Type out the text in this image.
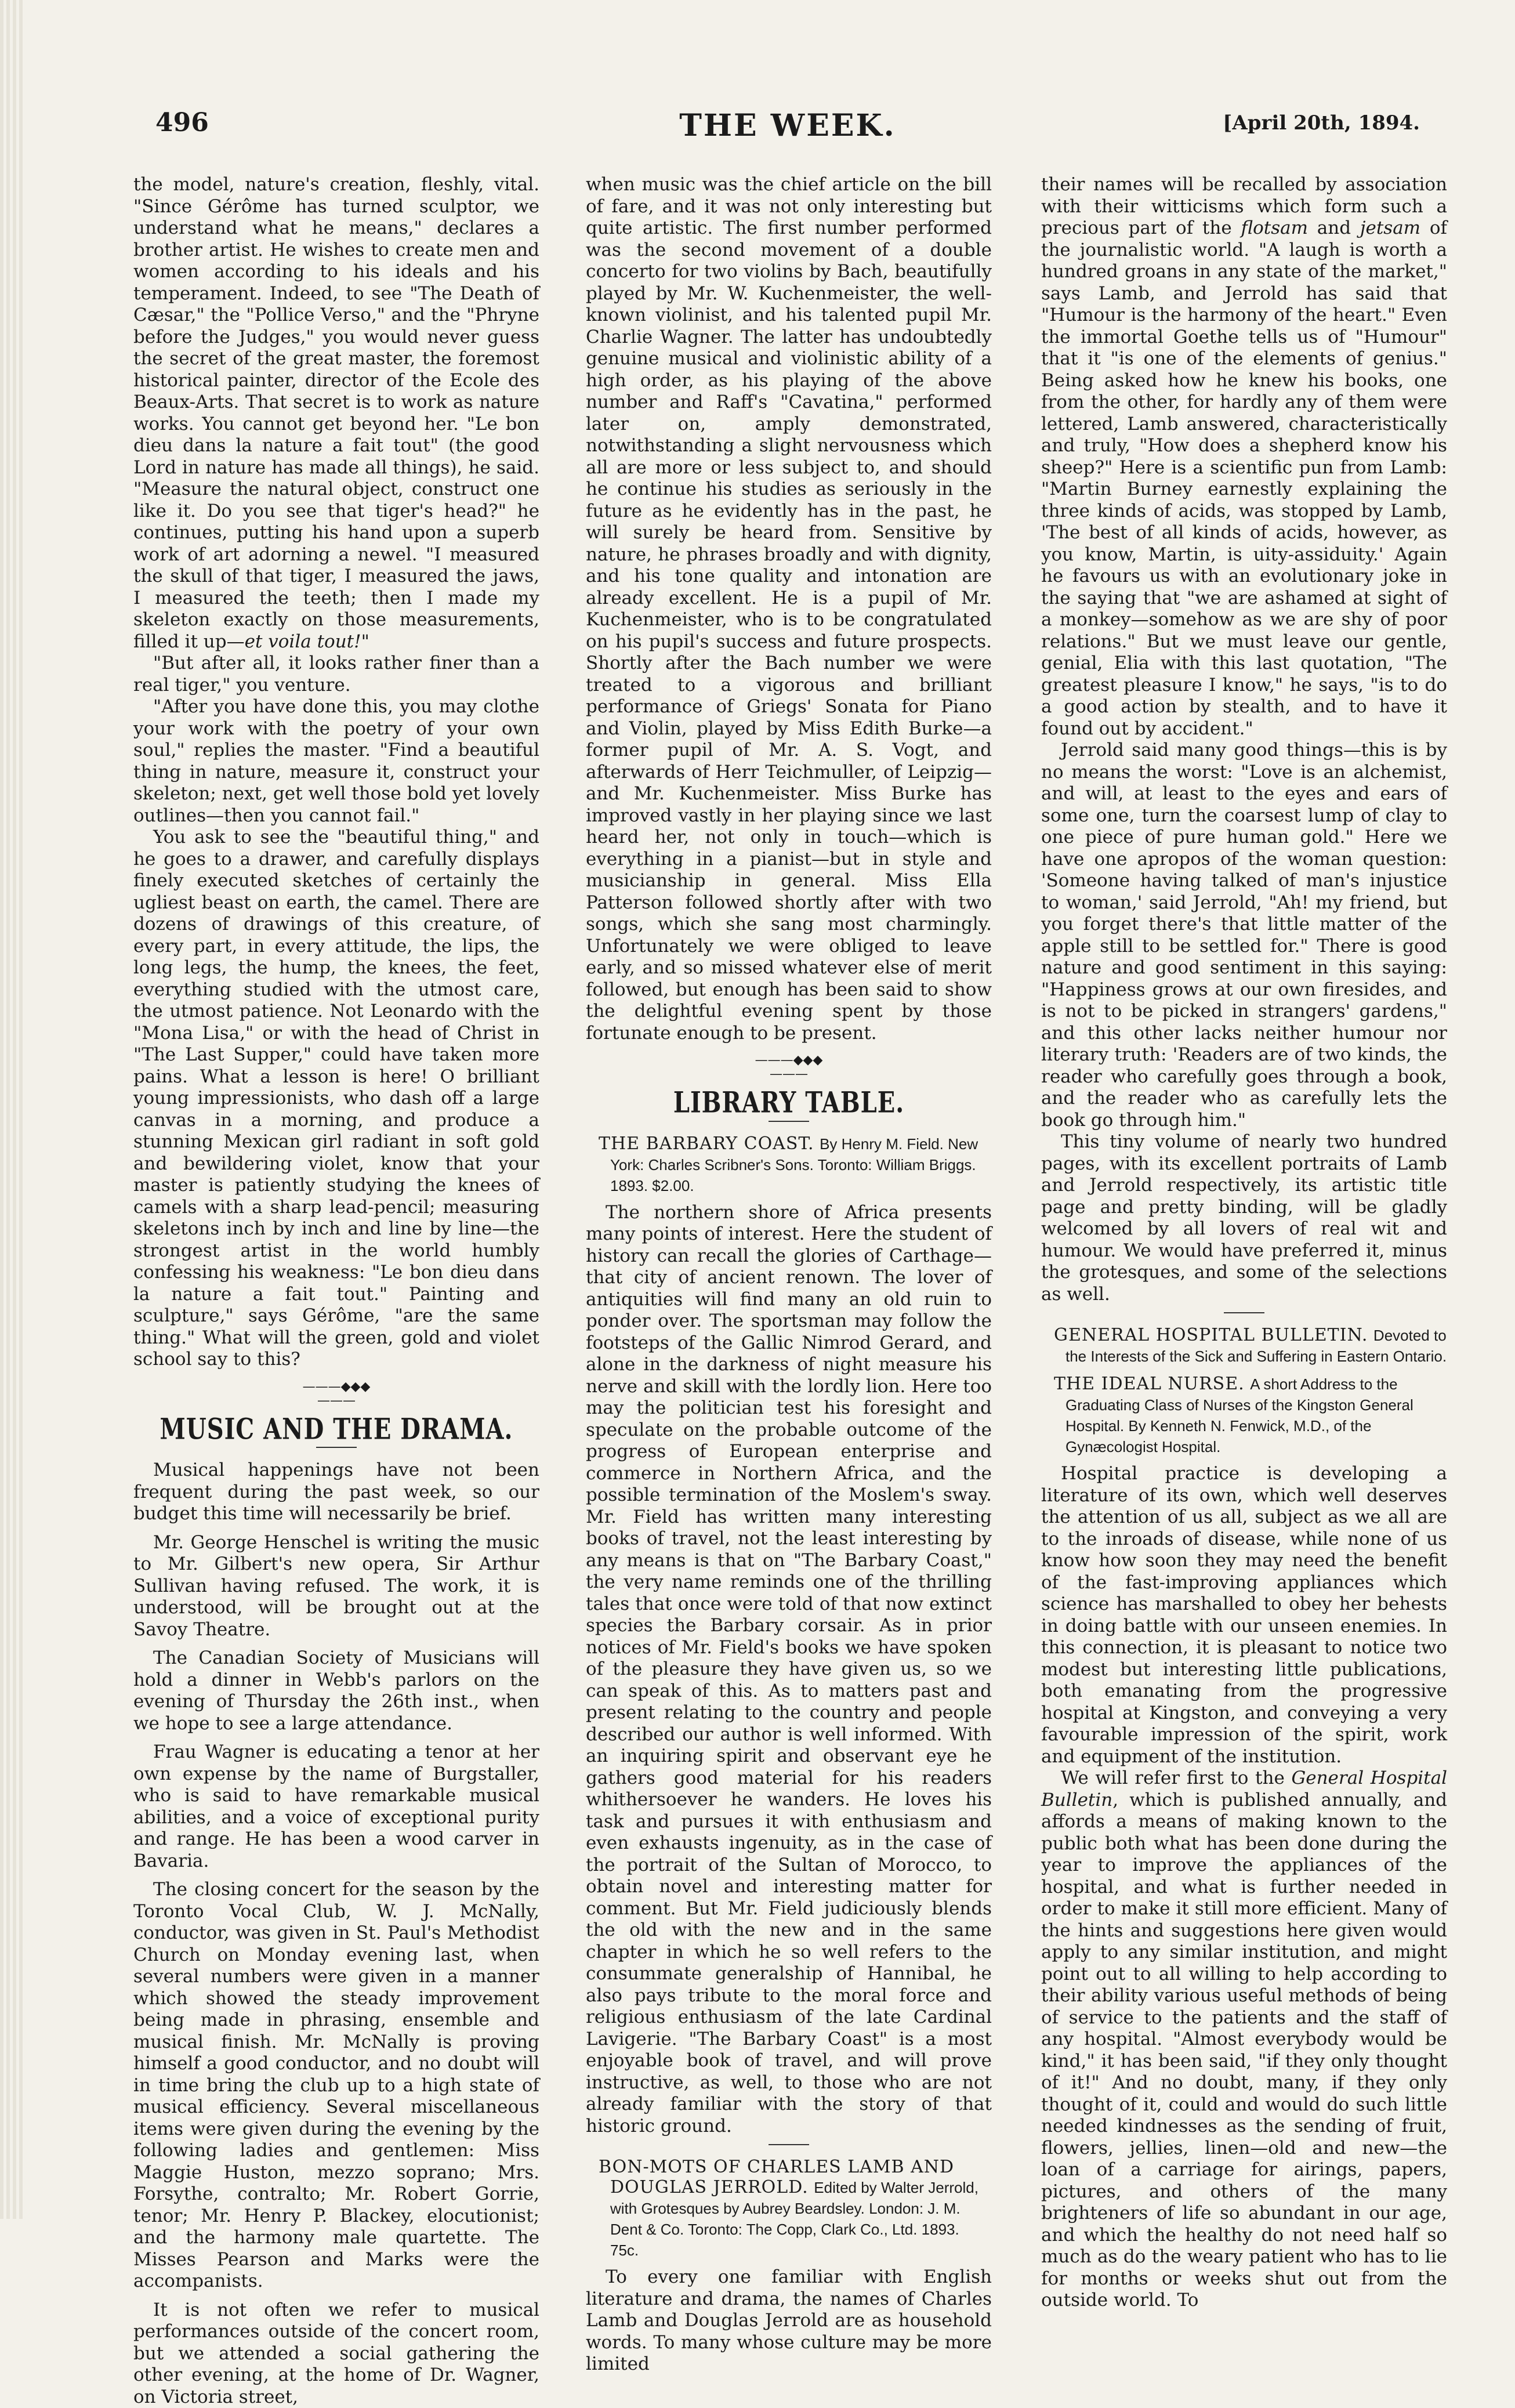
496	THE WEEK.	[April 20th, 1894.

the model, nature's creation, fleshly, vital. "Since Gérôme has turned sculptor, we understand what he means," declares a brother artist. He wishes to create men and women according to his ideals and his temperament. Indeed, to see "The Death of Cæsar," the "Pollice Verso," and the "Phryne before the Judges," you would never guess the secret of the great master, the foremost historical painter, director of the Ecole des Beaux-Arts. That secret is to work as nature works. You cannot get beyond her. "Le bon dieu dans la nature a fait tout" (the good Lord in nature has made all things), he said. "Measure the natural object, construct one like it. Do you see that tiger's head?" he continues, putting his hand upon a superb work of art adorning a newel. "I measured the skull of that tiger, I measured the jaws, I measured the teeth; then I made my skeleton exactly on those measurements, filled it up—et voila tout!"

"But after all, it looks rather finer than a real tiger," you venture.

"After you have done this, you may clothe your work with the poetry of your own soul," replies the master. "Find a beautiful thing in nature, measure it, construct your skeleton; next, get well those bold yet lovely outlines—then you cannot fail."

You ask to see the "beautiful thing," and he goes to a drawer, and carefully displays finely executed sketches of certainly the ugliest beast on earth, the camel. There are dozens of drawings of this creature, of every part, in every attitude, the lips, the long legs, the hump, the knees, the feet, everything studied with the utmost care, the utmost patience. Not Leonardo with the "Mona Lisa," or with the head of Christ in "The Last Supper," could have taken more pains. What a lesson is here! O brilliant young impressionists, who dash off a large canvas in a morning, and produce a stunning Mexican girl radiant in soft gold and bewildering violet, know that your master is patiently studying the knees of camels with a sharp lead-pencil; measuring skeletons inch by inch and line by line—the strongest artist in the world humbly confessing his weakness: "Le bon dieu dans la nature a fait tout." Painting and sculpture," says Gérôme, "are the same thing." What will the green, gold and violet school say to this?

———◆◆◆———
MUSIC AND THE DRAMA.

Musical happenings have not been frequent during the past week, so our budget this time will necessarily be brief.

Mr. George Henschel is writing the music to Mr. Gilbert's new opera, Sir Arthur Sullivan having refused. The work, it is understood, will be brought out at the Savoy Theatre.

The Canadian Society of Musicians will hold a dinner in Webb's parlors on the evening of Thursday the 26th inst., when we hope to see a large attendance.

Frau Wagner is educating a tenor at her own expense by the name of Burgstaller, who is said to have remarkable musical abilities, and a voice of exceptional purity and range. He has been a wood carver in Bavaria.

The closing concert for the season by the Toronto Vocal Club, W. J. McNally, conductor, was given in St. Paul's Methodist Church on Monday evening last, when several numbers were given in a manner which showed the steady improvement being made in phrasing, ensemble and musical finish. Mr. McNally is proving himself a good conductor, and no doubt will in time bring the club up to a high state of musical efficiency. Several miscellaneous items were given during the evening by the following ladies and gentlemen: Miss Maggie Huston, mezzo soprano; Mrs. Forsythe, contralto; Mr. Robert Gorrie, tenor; Mr. Henry P. Blackey, elocutionist; and the harmony male quartette. The Misses Pearson and Marks were the accompanists.

It is not often we refer to musical performances outside of the concert room, but we attended a social gathering the other evening, at the home of Dr. Wagner, on Victoria street,

when music was the chief article on the bill of fare, and it was not only interesting but quite artistic. The first number performed was the second movement of a double concerto for two violins by Bach, beautifully played by Mr. W. Kuchenmeister, the well-known violinist, and his talented pupil Mr. Charlie Wagner. The latter has undoubtedly genuine musical and violinistic ability of a high order, as his playing of the above number and Raff's "Cavatina," performed later on, amply demonstrated, notwithstanding a slight nervousness which all are more or less subject to, and should he continue his studies as seriously in the future as he evidently has in the past, he will surely be heard from. Sensitive by nature, he phrases broadly and with dignity, and his tone quality and intonation are already excellent. He is a pupil of Mr. Kuchenmeister, who is to be congratulated on his pupil's success and future prospects. Shortly after the Bach number we were treated to a vigorous and brilliant performance of Griegs' Sonata for Piano and Violin, played by Miss Edith Burke—a former pupil of Mr. A. S. Vogt, and afterwards of Herr Teichmuller, of Leipzig—and Mr. Kuchenmeister. Miss Burke has improved vastly in her playing since we last heard her, not only in touch—which is everything in a pianist—but in style and musicianship in general. Miss Ella Patterson followed shortly after with two songs, which she sang most charmingly. Unfortunately we were obliged to leave early, and so missed whatever else of merit followed, but enough has been said to show the delightful evening spent by those fortunate enough to be present.

———◆◆◆———
LIBRARY TABLE.
THE BARBARY COAST. By Henry M. Field. New York: Charles Scribner's Sons. Toronto: William Briggs. 1893. $2.00.

The northern shore of Africa presents many points of interest. Here the student of history can recall the glories of Carthage—that city of ancient renown. The lover of antiquities will find many an old ruin to ponder over. The sportsman may follow the footsteps of the Gallic Nimrod Gerard, and alone in the darkness of night measure his nerve and skill with the lordly lion. Here too may the politician test his foresight and speculate on the probable outcome of the progress of European enterprise and commerce in Northern Africa, and the possible termination of the Moslem's sway. Mr. Field has written many interesting books of travel, not the least interesting by any means is that on "The Barbary Coast," the very name reminds one of the thrilling tales that once were told of that now extinct species the Barbary corsair. As in prior notices of Mr. Field's books we have spoken of the pleasure they have given us, so we can speak of this. As to matters past and present relating to the country and people described our author is well informed. With an inquiring spirit and observant eye he gathers good material for his readers whithersoever he wanders. He loves his task and pursues it with enthusiasm and even exhausts ingenuity, as in the case of the portrait of the Sultan of Morocco, to obtain novel and interesting matter for comment. But Mr. Field judiciously blends the old with the new and in the same chapter in which he so well refers to the consummate generalship of Hannibal, he also pays tribute to the moral force and religious enthusiasm of the late Cardinal Lavigerie. "The Barbary Coast" is a most enjoyable book of travel, and will prove instructive, as well, to those who are not already familiar with the story of that historic ground.

BON-MOTS OF CHARLES LAMB AND DOUGLAS JERROLD. Edited by Walter Jerrold, with Grotesques by Aubrey Beardsley. London: J. M. Dent & Co. Toronto: The Copp, Clark Co., Ltd. 1893. 75c.

To every one familiar with English literature and drama, the names of Charles Lamb and Douglas Jerrold are as household words. To many whose culture may be more limited

their names will be recalled by association with their witticisms which form such a precious part of the flotsam and jetsam of the journalistic world. "A laugh is worth a hundred groans in any state of the market," says Lamb, and Jerrold has said that "Humour is the harmony of the heart." Even the immortal Goethe tells us of "Humour" that it "is one of the elements of genius." Being asked how he knew his books, one from the other, for hardly any of them were lettered, Lamb answered, characteristically and truly, "How does a shepherd know his sheep?" Here is a scientific pun from Lamb: "Martin Burney earnestly explaining the three kinds of acids, was stopped by Lamb, 'The best of all kinds of acids, however, as you know, Martin, is uity-assiduity.' Again he favours us with an evolutionary joke in the saying that "we are ashamed at sight of a monkey—somehow as we are shy of poor relations." But we must leave our gentle, genial, Elia with this last quotation, "The greatest pleasure I know," he says, "is to do a good action by stealth, and to have it found out by accident."

Jerrold said many good things—this is by no means the worst: "Love is an alchemist, and will, at least to the eyes and ears of some one, turn the coarsest lump of clay to one piece of pure human gold." Here we have one apropos of the woman question: 'Someone having talked of man's injustice to woman,' said Jerrold, "Ah! my friend, but you forget there's that little matter of the apple still to be settled for." There is good nature and good sentiment in this saying: "Happiness grows at our own firesides, and is not to be picked in strangers' gardens," and this other lacks neither humour nor literary truth: 'Readers are of two kinds, the reader who carefully goes through a book, and the reader who as carefully lets the book go through him."

This tiny volume of nearly two hundred pages, with its excellent portraits of Lamb and Jerrold respectively, its artistic title page and pretty binding, will be gladly welcomed by all lovers of real wit and humour. We would have preferred it, minus the grotesques, and some of the selections as well.

GENERAL HOSPITAL BULLETIN. Devoted to the Interests of the Sick and Suffering in Eastern Ontario.
THE IDEAL NURSE. A short Address to the Graduating Class of Nurses of the Kingston General Hospital. By Kenneth N. Fenwick, M.D., of the Gynæcologist Hospital.

Hospital practice is developing a literature of its own, which well deserves the attention of us all, subject as we all are to the inroads of disease, while none of us know how soon they may need the benefit of the fast-improving appliances which science has marshalled to obey her behests in doing battle with our unseen enemies. In this connection, it is pleasant to notice two modest but interesting little publications, both emanating from the progressive hospital at Kingston, and conveying a very favourable impression of the spirit, work and equipment of the institution.

We will refer first to the General Hospital Bulletin, which is published annually, and affords a means of making known to the public both what has been done during the year to improve the appliances of the hospital, and what is further needed in order to make it still more efficient. Many of the hints and suggestions here given would apply to any similar institution, and might point out to all willing to help according to their ability various useful methods of being of service to the patients and the staff of any hospital. "Almost everybody would be kind," it has been said, "if they only thought of it!" And no doubt, many, if they only thought of it, could and would do such little needed kindnesses as the sending of fruit, flowers, jellies, linen—old and new—the loan of a carriage for airings, papers, pictures, and others of the many brighteners of life so abundant in our age, and which the healthy do not need half so much as do the weary patient who has to lie for months or weeks shut out from the outside world. To
